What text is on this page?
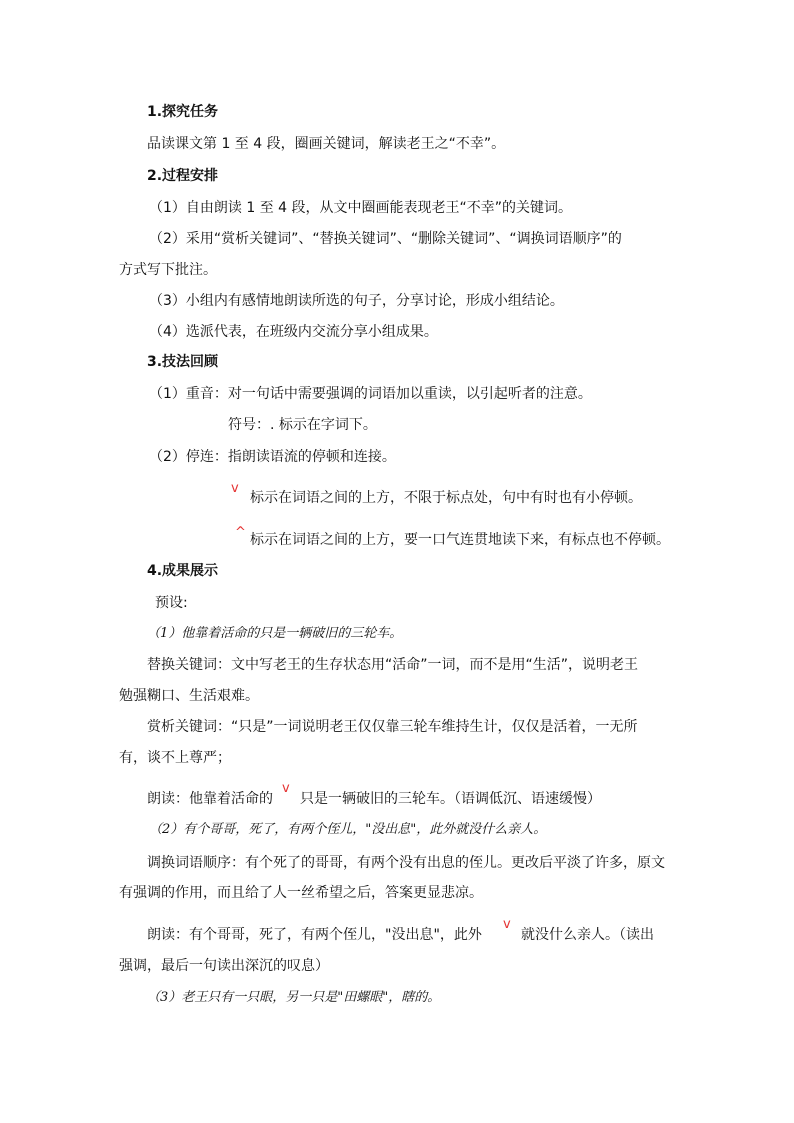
1.探究任务
品读课文第 1 至 4 段，圈画关键词，解读老王之“不幸”。
2.过程安排
（1）自由朗读 1 至 4 段，从文中圈画能表现老王“不幸”的关键词。
（2）采用“赏析关键词”、“替换关键词”、“删除关键词”、“调换词语顺序”的
方式写下批注。
（3）小组内有感情地朗读所选的句子，分享讨论，形成小组结论。
（4）选派代表，在班级内交流分享小组成果。
3.技法回顾
（1）重音：对一句话中需要强调的词语加以重读，以引起听者的注意。
符号：. 标示在字词下。
（2）停连：指朗读语流的停顿和连接。
v
标示在词语之间的上方，不限于标点处，句中有时也有小停顿。
^ 标示在词语之间的上方，要一口气连贯地读下来，有标点也不停顿。
4.成果展示
预设:
（1）他靠着活命的只是一辆破旧的三轮车。
替换关键词：文中写老王的生存状态用“活命”一词，而不是用“生活”，说明老王
勉强糊口、生活艰难。
赏析关键词：“只是”一词说明老王仅仅靠三轮车维持生计，仅仅是活着，一无所
有，谈不上尊严；
朗读：他靠着活命的
v
只是一辆破旧的三轮车。（语调低沉、语速缓慢）
（2）有个哥哥，死了，有两个侄儿，"没出息"，此外就没什么亲人。
调换词语顺序：有个死了的哥哥，有两个没有出息的侄儿。更改后平淡了许多，原文
有强调的作用，而且给了人一丝希望之后，答案更显悲凉。
朗读：有个哥哥，死了，有两个侄儿，"没出息"，此外
v
就没什么亲人。（读出
强调，最后一句读出深沉的叹息）
（3）老王只有一只眼，另一只是"田螺眼"，瞎的。
